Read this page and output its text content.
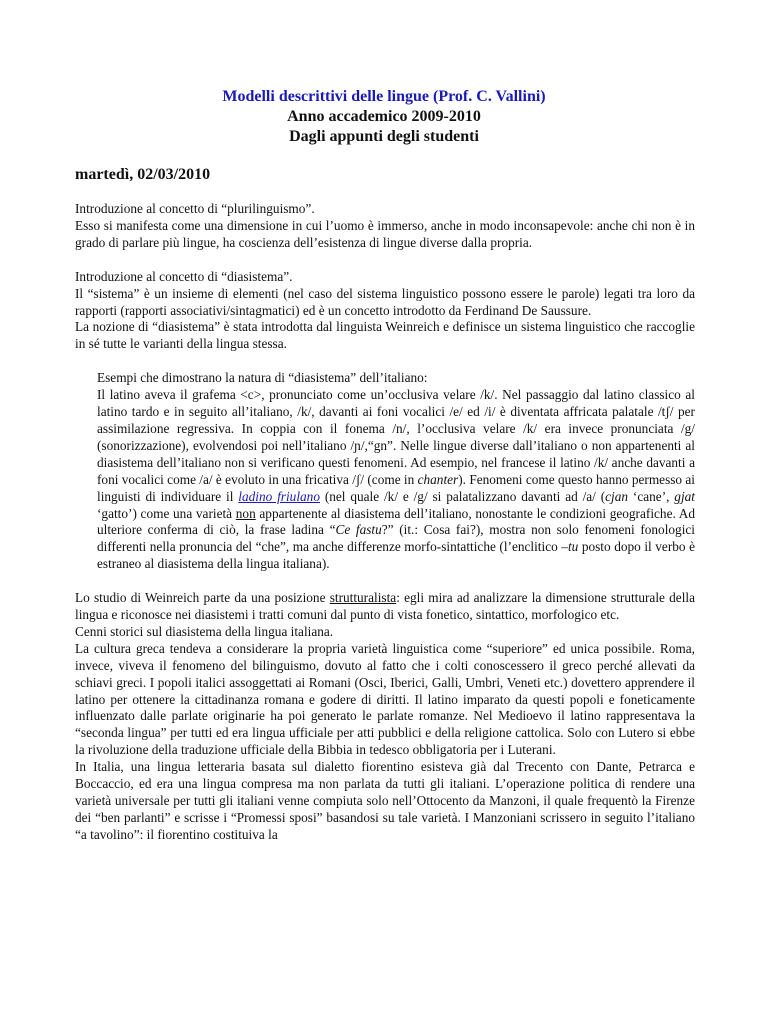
Modelli descrittivi delle lingue (Prof. C. Vallini)
Anno accademico 2009-2010
Dagli appunti degli studenti
martedì, 02/03/2010

Introduzione al concetto di “plurilinguismo”.

Esso si manifesta come una dimensione in cui l’uomo è immerso, anche in modo inconsapevole: anche chi non è in grado di parlare più lingue, ha coscienza dell’esistenza di lingue diverse dalla propria.

Introduzione al concetto di “diasistema”.

Il “sistema” è un insieme di elementi (nel caso del sistema linguistico possono essere le parole) legati tra loro da rapporti (rapporti associativi/sintagmatici) ed è un concetto introdotto da Ferdinand De Saussure.

La nozione di “diasistema” è stata introdotta dal linguista Weinreich e definisce un sistema linguistico che raccoglie in sé tutte le varianti della lingua stessa.

Esempi che dimostrano la natura di “diasistema” dell’italiano:

Il latino aveva il grafema <c>, pronunciato come un’occlusiva velare /k/. Nel passaggio dal latino classico al latino tardo e in seguito all’italiano, /k/, davanti ai foni vocalici /e/ ed /i/ è diventata affricata palatale /tʃ/ per assimilazione regressiva. In coppia con il fonema /n/, l’occlusiva velare /k/ era invece pronunciata /g/ (sonorizzazione), evolvendosi poi nell’italiano /ɲ/,“gn”. Nelle lingue diverse dall’italiano o non appartenenti al diasistema dell’italiano non si verificano questi fenomeni. Ad esempio, nel francese il latino /k/ anche davanti a foni vocalici come /a/ è evoluto in una fricativa /ʃ/ (come in chanter). Fenomeni come questo hanno permesso ai linguisti di individuare il ladino friulano (nel quale /k/ e /g/ si palatalizzano davanti ad /a/ (cjan ‘cane’, gjat ‘gatto’) come una varietà non appartenente al diasistema dell’italiano, nonostante le condizioni geografiche. Ad ulteriore conferma di ciò, la frase ladina “Ce fastu?” (it.: Cosa fai?), mostra non solo fenomeni fonologici differenti nella pronuncia del “che”, ma anche differenze morfo-sintattiche (l’enclitico –tu posto dopo il verbo è estraneo al diasistema della lingua italiana).

Lo studio di Weinreich parte da una posizione strutturalista: egli mira ad analizzare la dimensione strutturale della lingua e riconosce nei diasistemi i tratti comuni dal punto di vista fonetico, sintattico, morfologico etc.

Cenni storici sul diasistema della lingua italiana.

La cultura greca tendeva a considerare la propria varietà linguistica come “superiore” ed unica possibile. Roma, invece, viveva il fenomeno del bilinguismo, dovuto al fatto che i colti conoscessero il greco perché allevati da schiavi greci. I popoli italici assoggettati ai Romani (Osci, Iberici, Galli, Umbri, Veneti etc.) dovettero apprendere il latino per ottenere la cittadinanza romana e godere di diritti. Il latino imparato da questi popoli e foneticamente influenzato dalle parlate originarie ha poi generato le parlate romanze. Nel Medioevo il latino rappresentava la “seconda lingua” per tutti ed era lingua ufficiale per atti pubblici e della religione cattolica. Solo con Lutero si ebbe la rivoluzione della traduzione ufficiale della Bibbia in tedesco obbligatoria per i Luterani.

In Italia, una lingua letteraria basata sul dialetto fiorentino esisteva già dal Trecento con Dante, Petrarca e Boccaccio, ed era una lingua compresa ma non parlata da tutti gli italiani. L’operazione politica di rendere una varietà universale per tutti gli italiani venne compiuta solo nell’Ottocento da Manzoni, il quale frequentò la Firenze dei “ben parlanti” e scrisse i “Promessi sposi” basandosi su tale varietà. I Manzoniani scrissero in seguito l’italiano “a tavolino”: il fiorentino costituiva la
